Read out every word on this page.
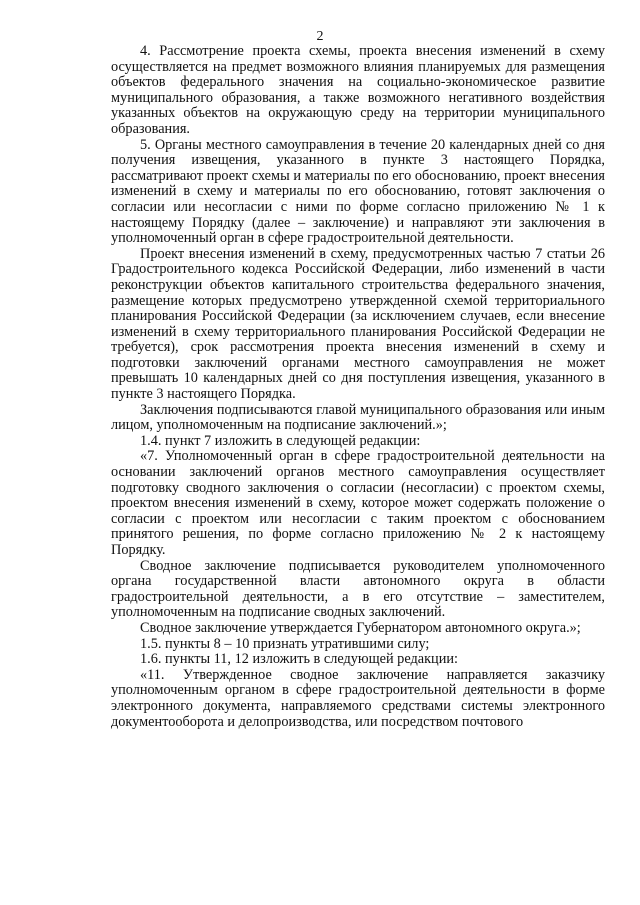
2

4. Рассмотрение проекта схемы, проекта внесения изменений в схему осуществляется на предмет возможного влияния планируемых для размещения объектов федерального значения на социально-экономическое развитие муниципального образования, а также возможного негативного воздействия указанных объектов на окружающую среду на территории муниципального образования.

5. Органы местного самоуправления в течение 20 календарных дней со дня получения извещения, указанного в пункте 3 настоящего Порядка, рассматривают проект схемы и материалы по его обоснованию, проект внесения изменений в схему и материалы по его обоснованию, готовят заключения о согласии или несогласии с ними по форме согласно приложению № 1 к настоящему Порядку (далее – заключение) и направляют эти заключения в уполномоченный орган в сфере градостроительной деятельности.

Проект внесения изменений в схему, предусмотренных частью 7 статьи 26 Градостроительного кодекса Российской Федерации, либо изменений в части реконструкции объектов капитального строительства федерального значения, размещение которых предусмотрено утвержденной схемой территориального планирования Российской Федерации (за исключением случаев, если внесение изменений в схему территориального планирования Российской Федерации не требуется), срок рассмотрения проекта внесения изменений в схему и подготовки заключений органами местного самоуправления не может превышать 10 календарных дней со дня поступления извещения, указанного в пункте 3 настоящего Порядка.

Заключения подписываются главой муниципального образования или иным лицом, уполномоченным на подписание заключений.»;

1.4. пункт 7 изложить в следующей редакции:

«7. Уполномоченный орган в сфере градостроительной деятельности на основании заключений органов местного самоуправления осуществляет подготовку сводного заключения о согласии (несогласии) с проектом схемы, проектом внесения изменений в схему, которое может содержать положение о согласии с проектом или несогласии с таким проектом с обоснованием принятого решения, по форме согласно приложению № 2 к настоящему Порядку.

Сводное заключение подписывается руководителем уполномоченного органа государственной власти автономного округа в области градостроительной деятельности, а в его отсутствие – заместителем, уполномоченным на подписание сводных заключений.

Сводное заключение утверждается Губернатором автономного округа.»;

1.5. пункты 8 – 10 признать утратившими силу;

1.6. пункты 11, 12 изложить в следующей редакции:

«11. Утвержденное сводное заключение направляется заказчику уполномоченным органом в сфере градостроительной деятельности в форме электронного документа, направляемого средствами системы электронного документооборота и делопроизводства, или посредством почтового
